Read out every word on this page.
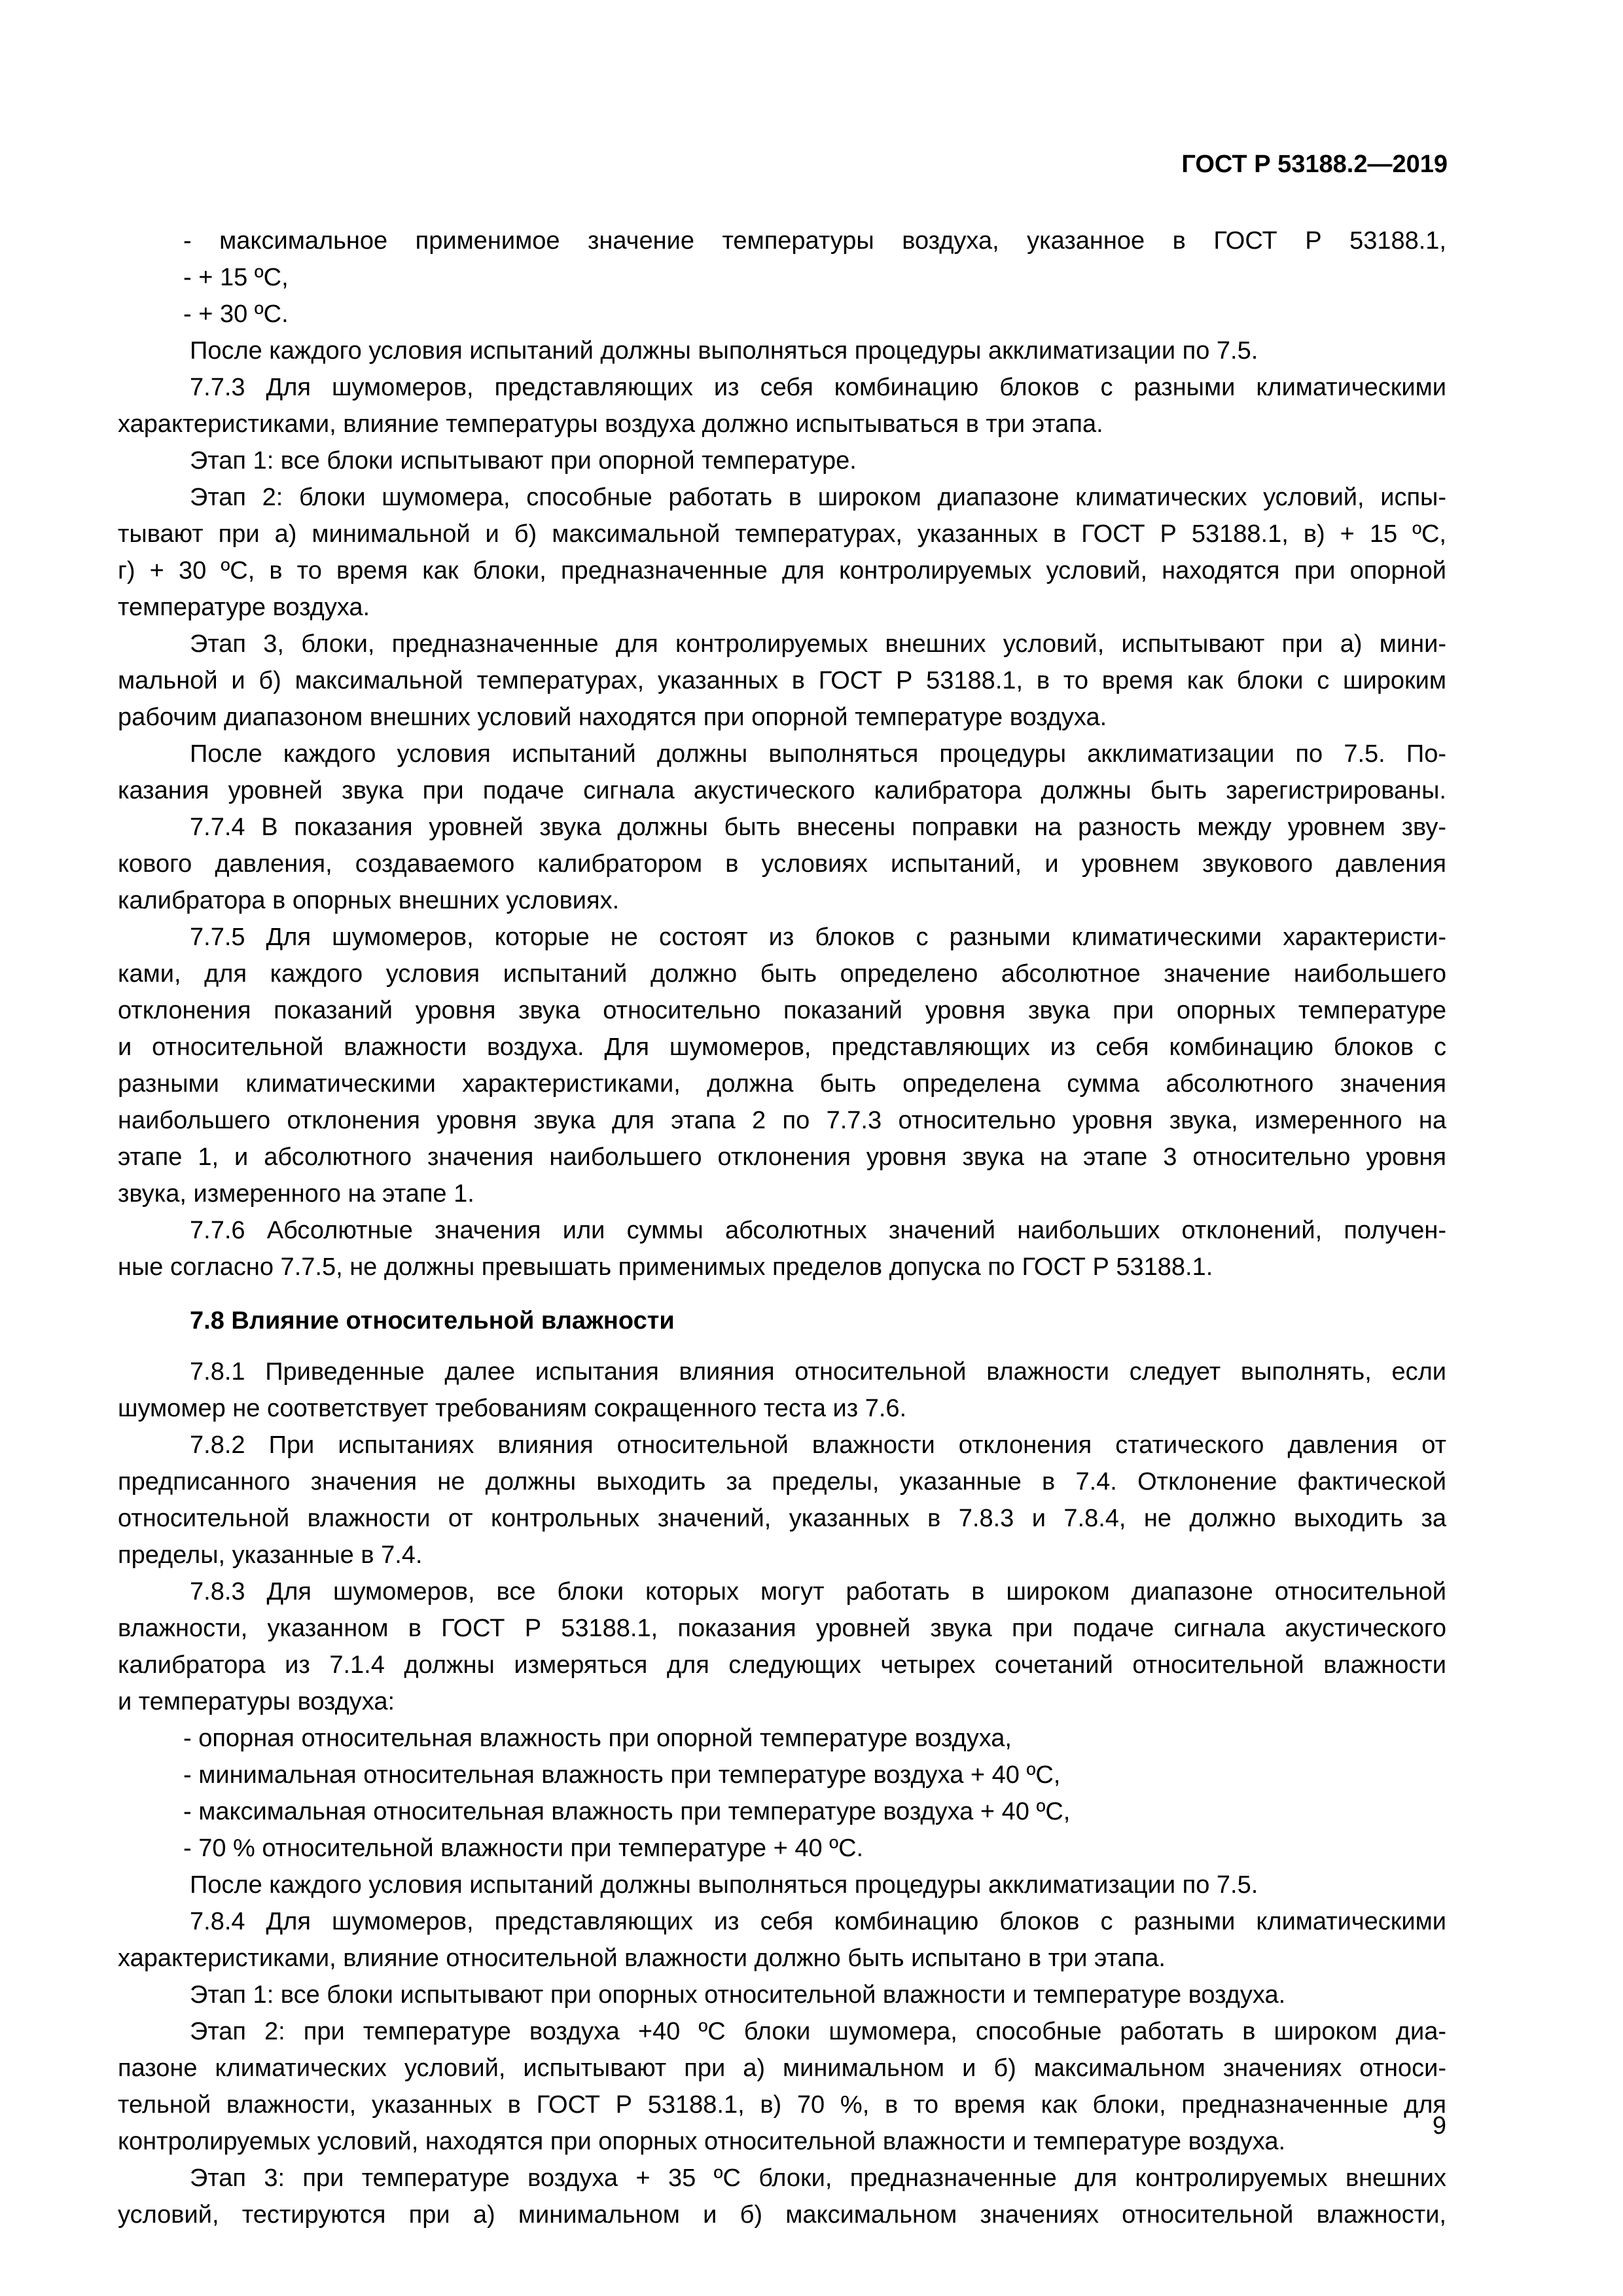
ГОСТ Р 53188.2—2019

- максимальное применимое значение температуры воздуха, указанное в ГОСТ Р 53188.1,

- + 15 ºС,

- + 30 ºС.

После каждого условия испытаний должны выполняться процедуры акклиматизации по 7.5.

7.7.3 Для шумомеров, представляющих из себя комбинацию блоков с разными климатическими

характеристиками, влияние температуры воздуха должно испытываться в три этапа.

Этап 1: все блоки испытывают при опорной температуре.

Этап 2: блоки шумомера, способные работать в широком диапазоне климатических условий, испы-

тывают при а) минимальной и б) максимальной температурах, указанных в ГОСТ Р 53188.1, в) + 15 ºС,

г) + 30 ºС, в то время как блоки, предназначенные для контролируемых условий, находятся при опорной

температуре воздуха.

Этап 3, блоки, предназначенные для контролируемых внешних условий, испытывают при а) мини-

мальной и б) максимальной температурах, указанных в ГОСТ Р 53188.1, в то время как блоки с широким

рабочим диапазоном внешних условий находятся при опорной температуре воздуха.

После каждого условия испытаний должны выполняться процедуры акклиматизации по 7.5. По-

казания уровней звука при подаче сигнала акустического калибратора должны быть зарегистрированы.

7.7.4 В показания уровней звука должны быть внесены поправки на разность между уровнем зву-

кового давления, создаваемого калибратором в условиях испытаний, и уровнем звукового давления

калибратора в опорных внешних условиях.

7.7.5 Для шумомеров, которые не состоят из блоков с разными климатическими характеристи-

ками, для каждого условия испытаний должно быть определено абсолютное значение наибольшего

отклонения показаний уровня звука относительно показаний уровня звука при опорных температуре

и относительной влажности воздуха. Для шумомеров, представляющих из себя комбинацию блоков с

разными климатическими характеристиками, должна быть определена сумма абсолютного значения

наибольшего отклонения уровня звука для этапа 2 по 7.7.3 относительно уровня звука, измеренного на

этапе 1, и абсолютного значения наибольшего отклонения уровня звука на этапе 3 относительно уровня

звука, измеренного на этапе 1.

7.7.6 Абсолютные значения или суммы абсолютных значений наибольших отклонений, получен-

ные согласно 7.7.5, не должны превышать применимых пределов допуска по ГОСТ Р 53188.1.

7.8 Влияние относительной влажности

7.8.1 Приведенные далее испытания влияния относительной влажности следует выполнять, если

шумомер не соответствует требованиям сокращенного теста из 7.6.

7.8.2 При испытаниях влияния относительной влажности отклонения статического давления от

предписанного значения не должны выходить за пределы, указанные в 7.4. Отклонение фактической

относительной влажности от контрольных значений, указанных в 7.8.3 и 7.8.4, не должно выходить за

пределы, указанные в 7.4.

7.8.3 Для шумомеров, все блоки которых могут работать в широком диапазоне относительной

влажности, указанном в ГОСТ Р 53188.1, показания уровней звука при подаче сигнала акустического

калибратора из 7.1.4 должны измеряться для следующих четырех сочетаний относительной влажности

и температуры воздуха:

- опорная относительная влажность при опорной температуре воздуха,

- минимальная относительная влажность при температуре воздуха + 40 ºС,

- максимальная относительная влажность при температуре воздуха + 40 ºС,

- 70 % относительной влажности при температуре + 40 ºС.

После каждого условия испытаний должны выполняться процедуры акклиматизации по 7.5.

7.8.4 Для шумомеров, представляющих из себя комбинацию блоков с разными климатическими

характеристиками, влияние относительной влажности должно быть испытано в три этапа.

Этап 1: все блоки испытывают при опорных относительной влажности и температуре воздуха.

Этап 2: при температуре воздуха +40 ºС блоки шумомера, способные работать в широком диа-

пазоне климатических условий, испытывают при а) минимальном и б) максимальном значениях относи-

тельной влажности, указанных в ГОСТ Р 53188.1, в) 70 %, в то время как блоки, предназначенные для

контролируемых условий, находятся при опорных относительной влажности и температуре воздуха.

Этап 3: при температуре воздуха + 35 ºС блоки, предназначенные для контролируемых внешних

условий, тестируются при а) минимальном и б) максимальном значениях относительной влажности,

9
